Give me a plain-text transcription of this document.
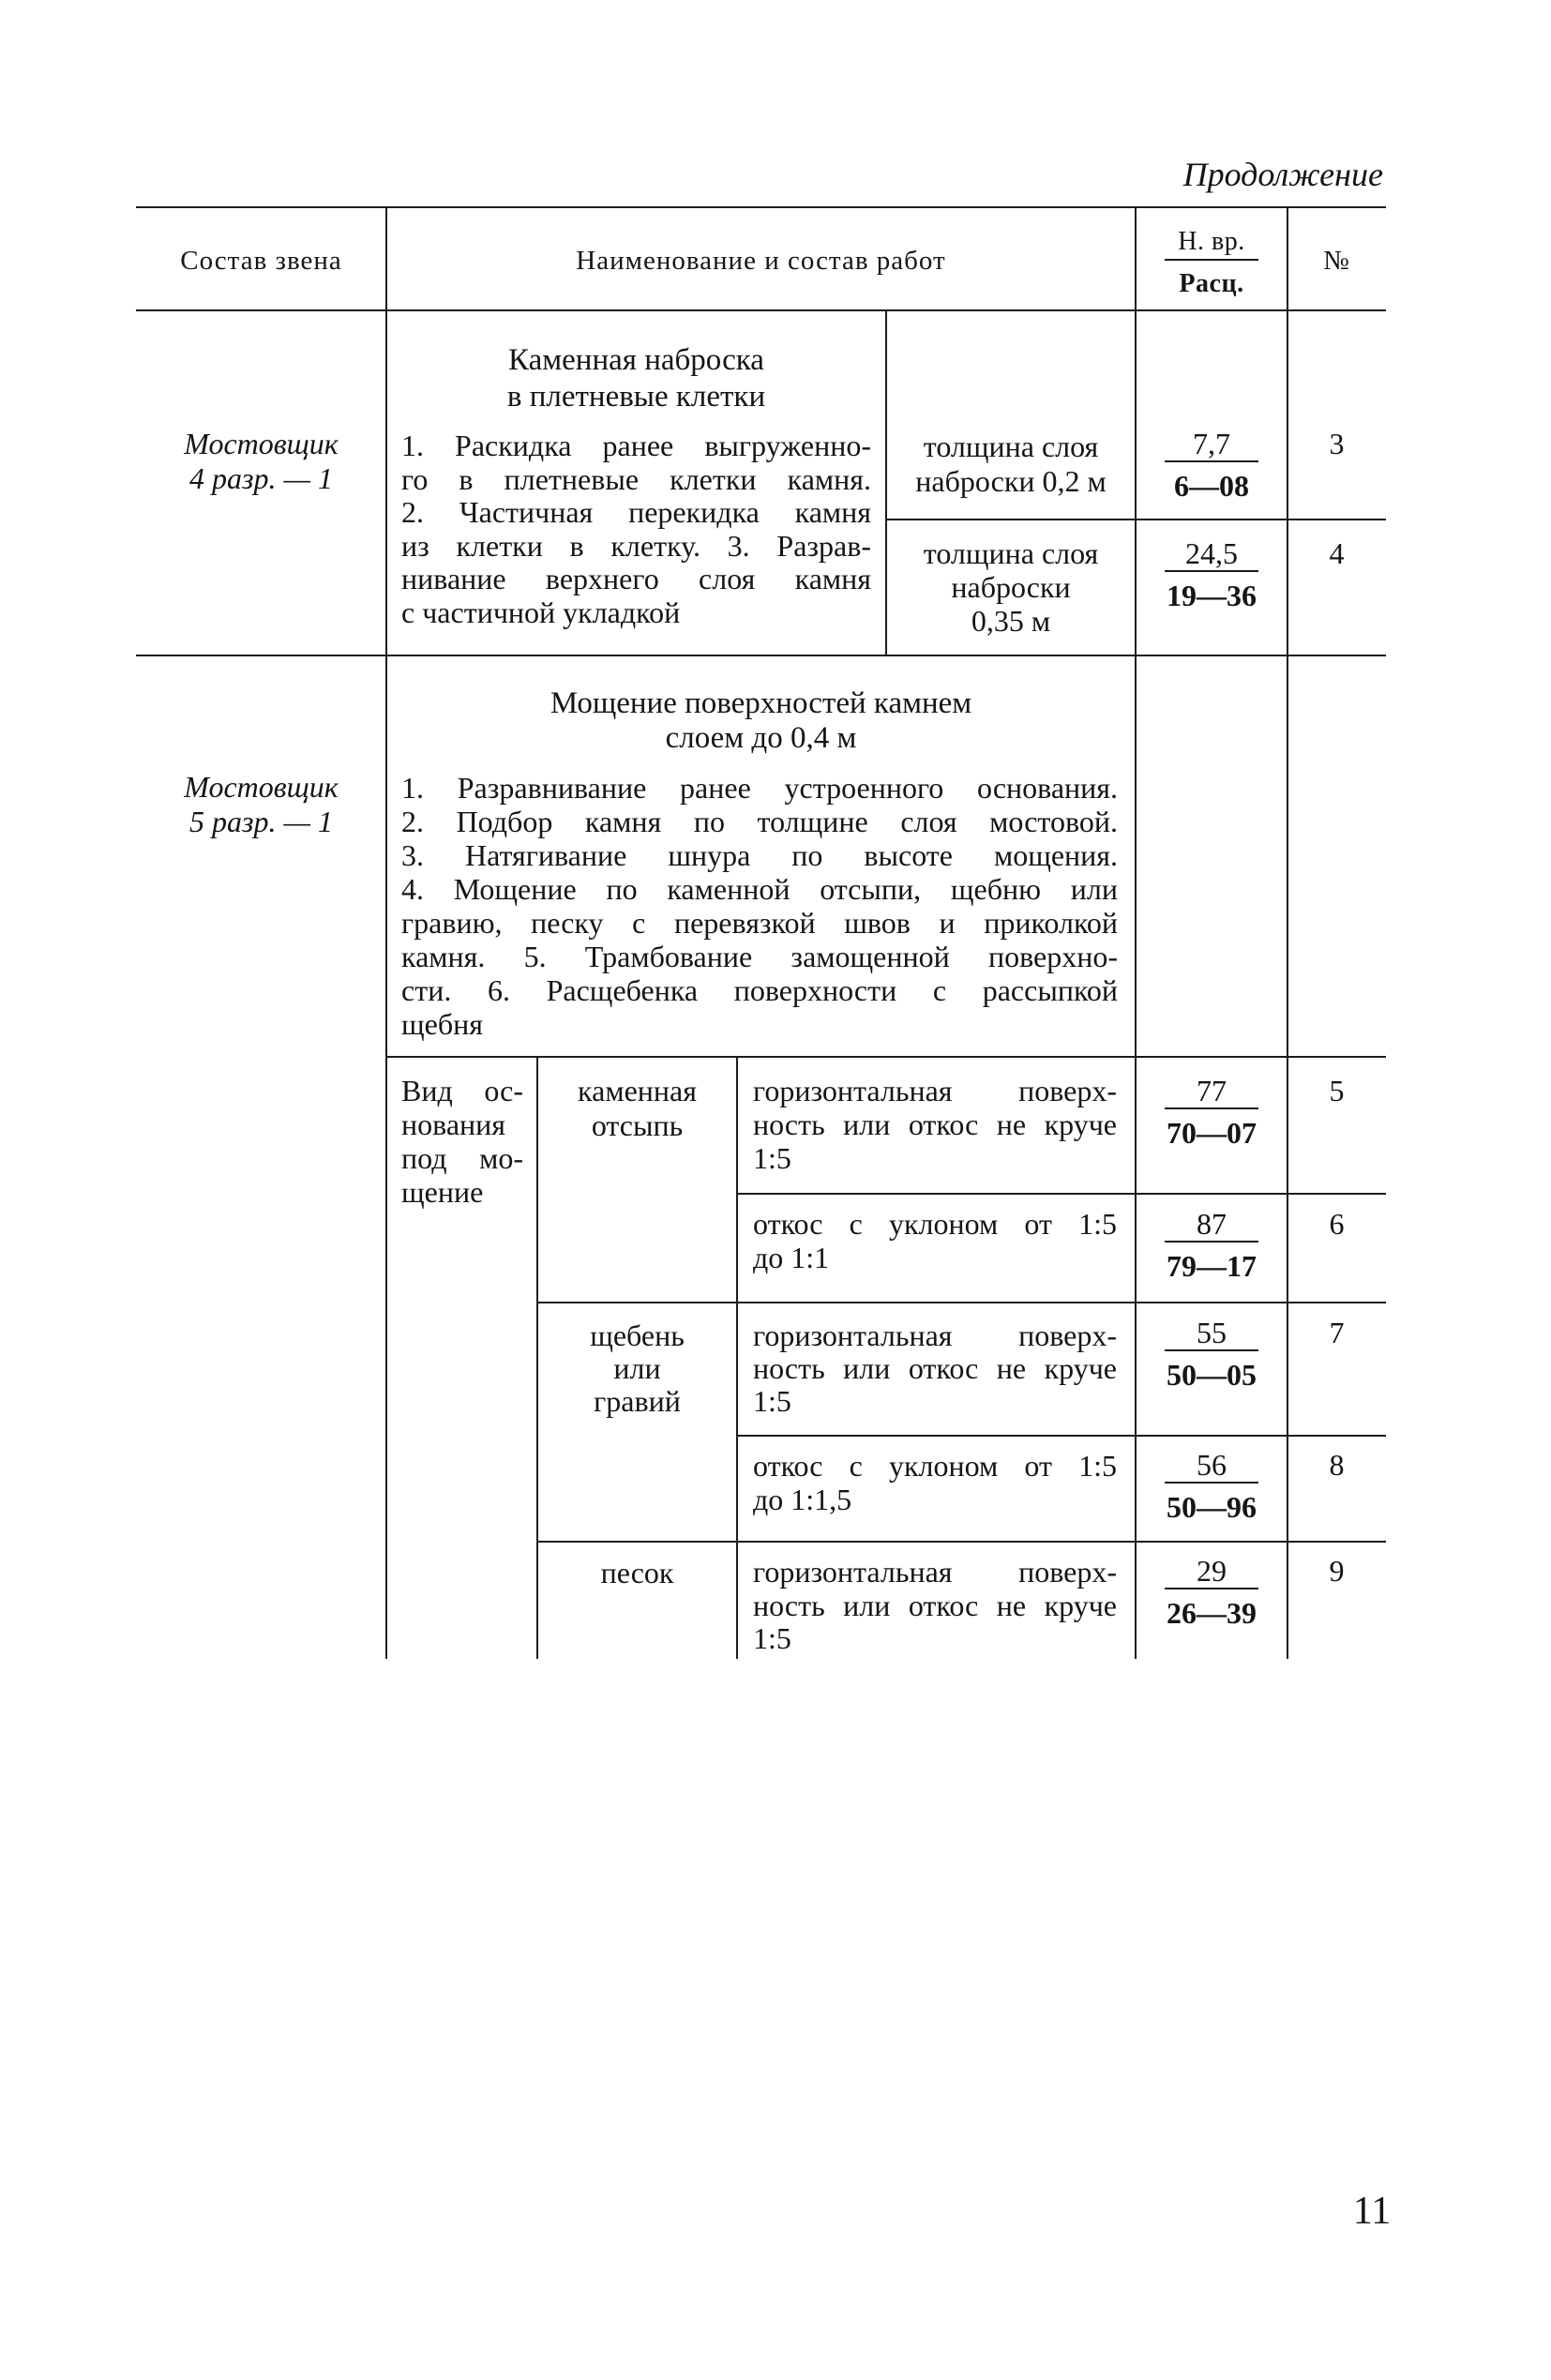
Продолжение
Состав звена	Наименование и состав работ
Н. вр.
Расц.
№
Мостовщик
4 разр. — 1
Каменная наброска
в плетневые клетки
1. Раскидка ранее выгруженно-
го в плетневые клетки камня.
2. Частичная перекидка камня
из клетки в клетку. 3. Разрав-
нивание верхнего слоя камня
с частичной укладкой
толщина слоя
наброски 0,2 м
7,7
6—08
3
толщина слоя
наброски
0,35 м
24,5
19—36
4
Мостовщик
5 разр. — 1
Мощение поверхностей камнем
слоем до 0,4 м
1. Разравнивание ранее устроенного основания.
2. Подбор камня по толщине слоя мостовой.
3. Натягивание шнура по высоте мощения.
4. Мощение по каменной отсыпи, щебню или
гравию, песку с перевязкой швов и приколкой
камня. 5. Трамбование замощенной поверхно-
сти. 6. Расщебенка поверхности с рассыпкой
щебня
Вид ос-
нования
под мо-
щение
каменная
отсыпь
горизонтальная поверх-
ность или откос не круче
1:5
77
70—07
5
откос с уклоном от 1:5
до 1:1
87
79—17
6
щебень
или
гравий
горизонтальная поверх-
ность или откос не круче
1:5
55
50—05
7
откос с уклоном от 1:5
до 1:1,5
56
50—96
8
песок	горизонтальная поверх-
ность или откос не круче
1:5
29
26—39
9
11
